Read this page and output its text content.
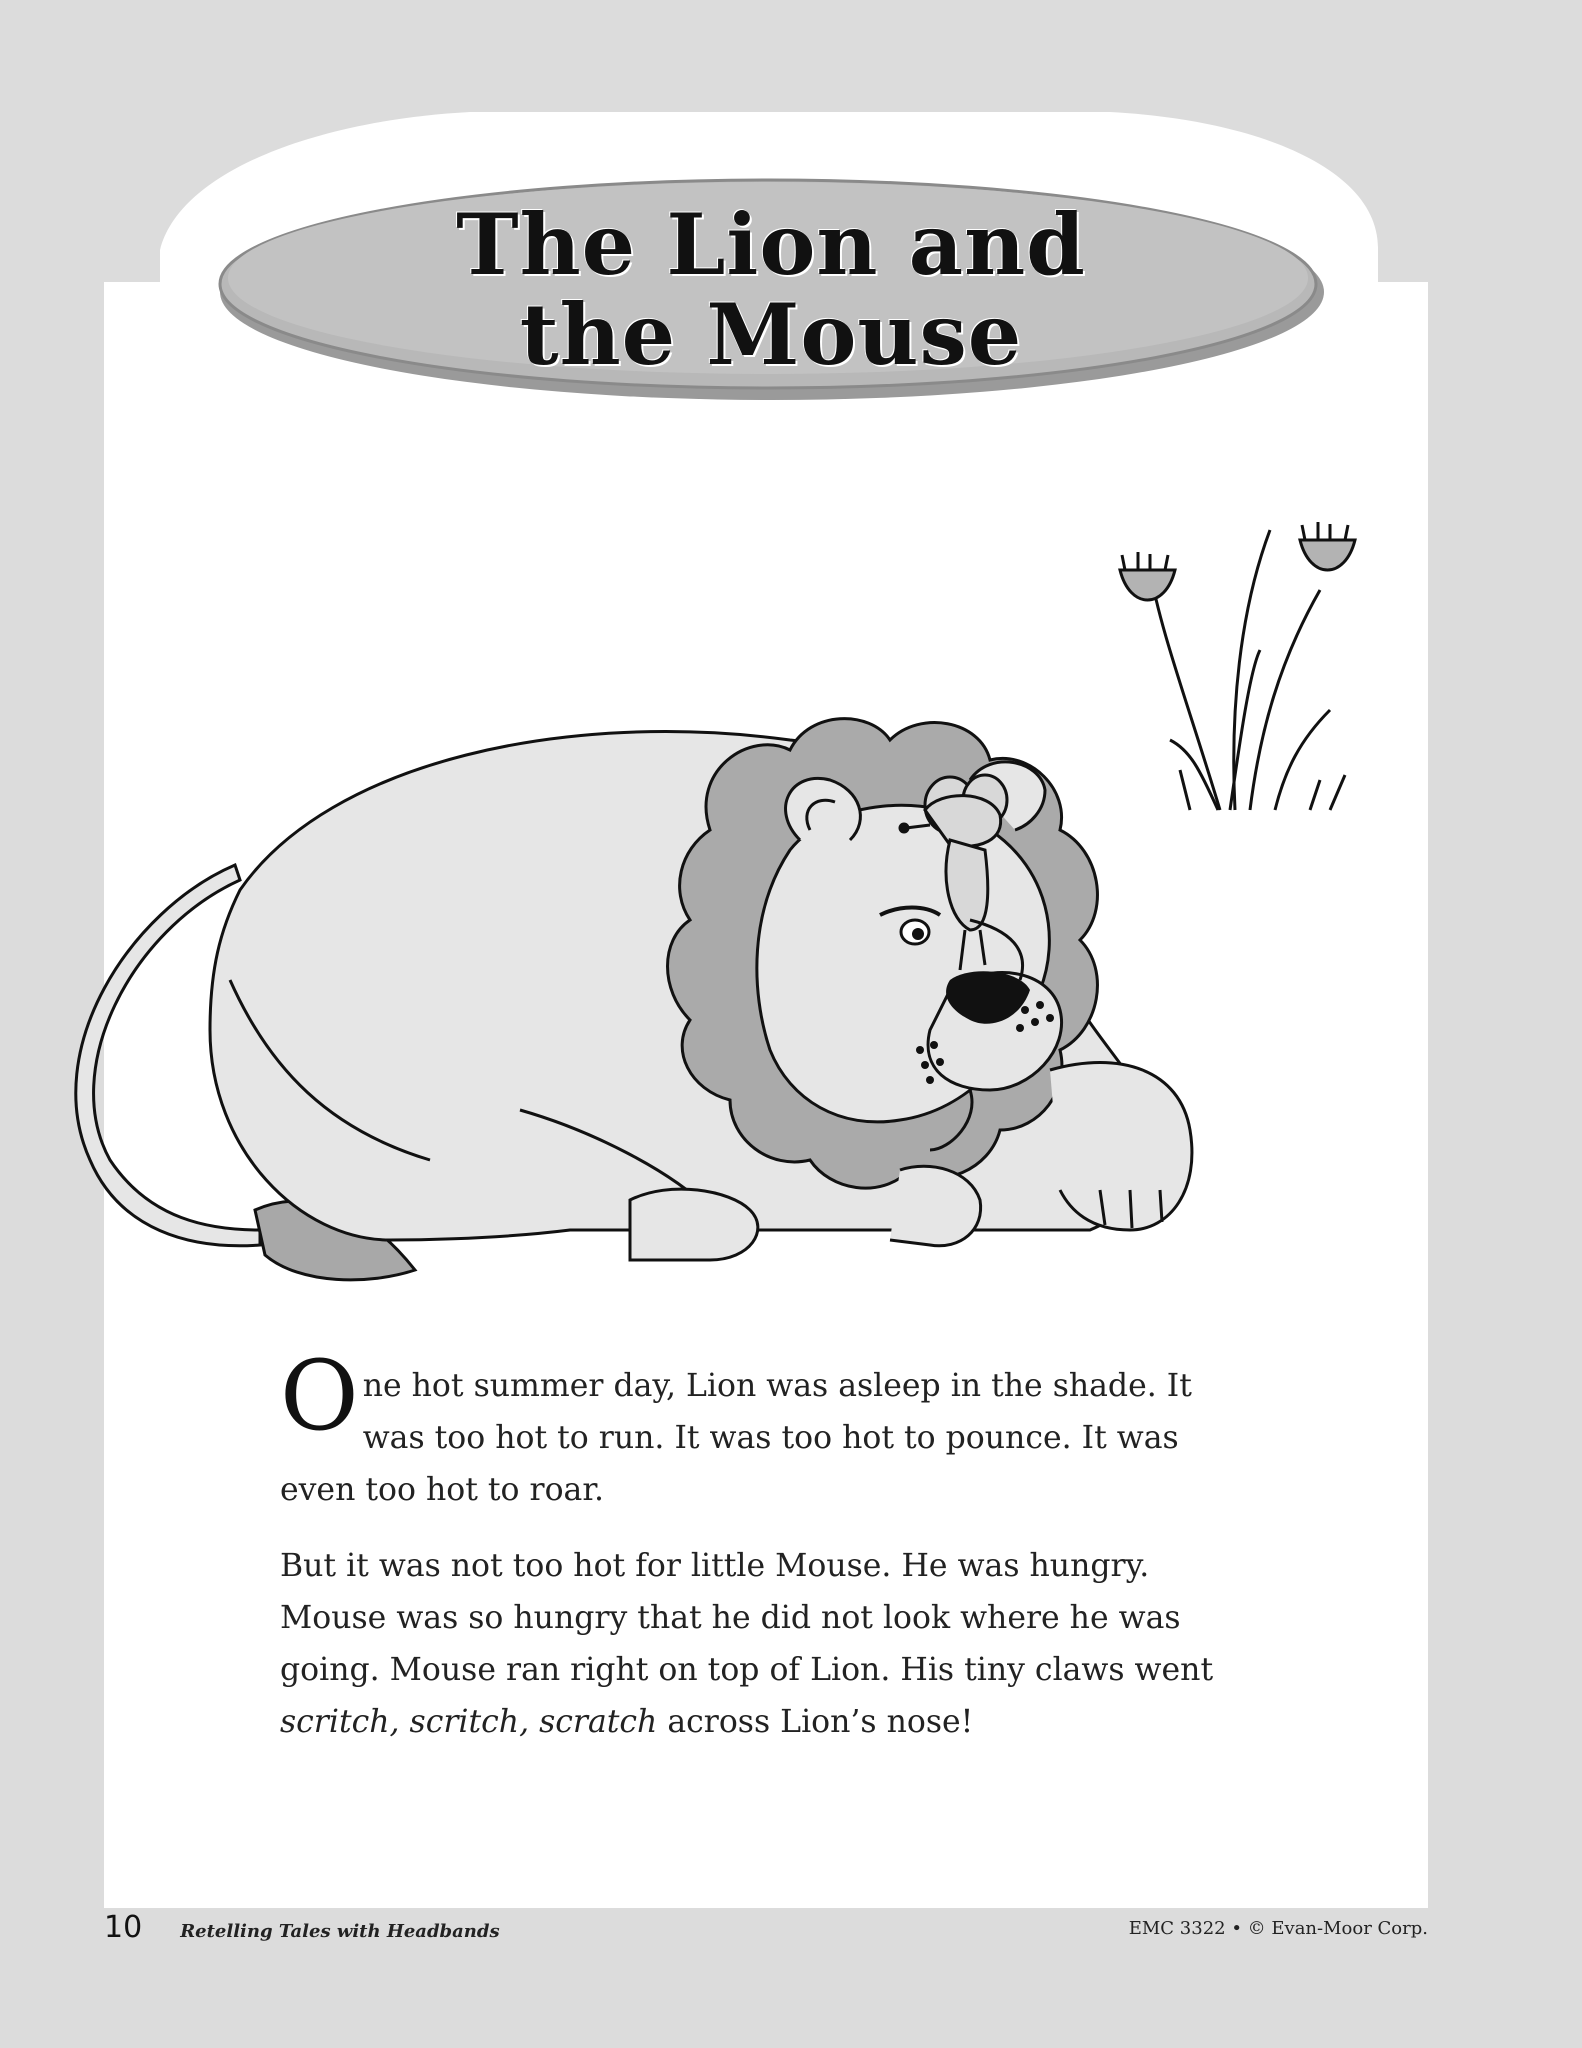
The Lion and
the Mouse

One hot summer day, Lion was asleep in the shade. It was too hot to run. It was too hot to pounce. It was even too hot to roar.

But it was not too hot for little Mouse. He was hungry. Mouse was so hungry that he did not look where he was going. Mouse ran right on top of Lion. His tiny claws went scritch, scritch, scratch across Lion’s nose!

10 Retelling Tales with Headbands	EMC 3322 • © Evan-Moor Corp.
